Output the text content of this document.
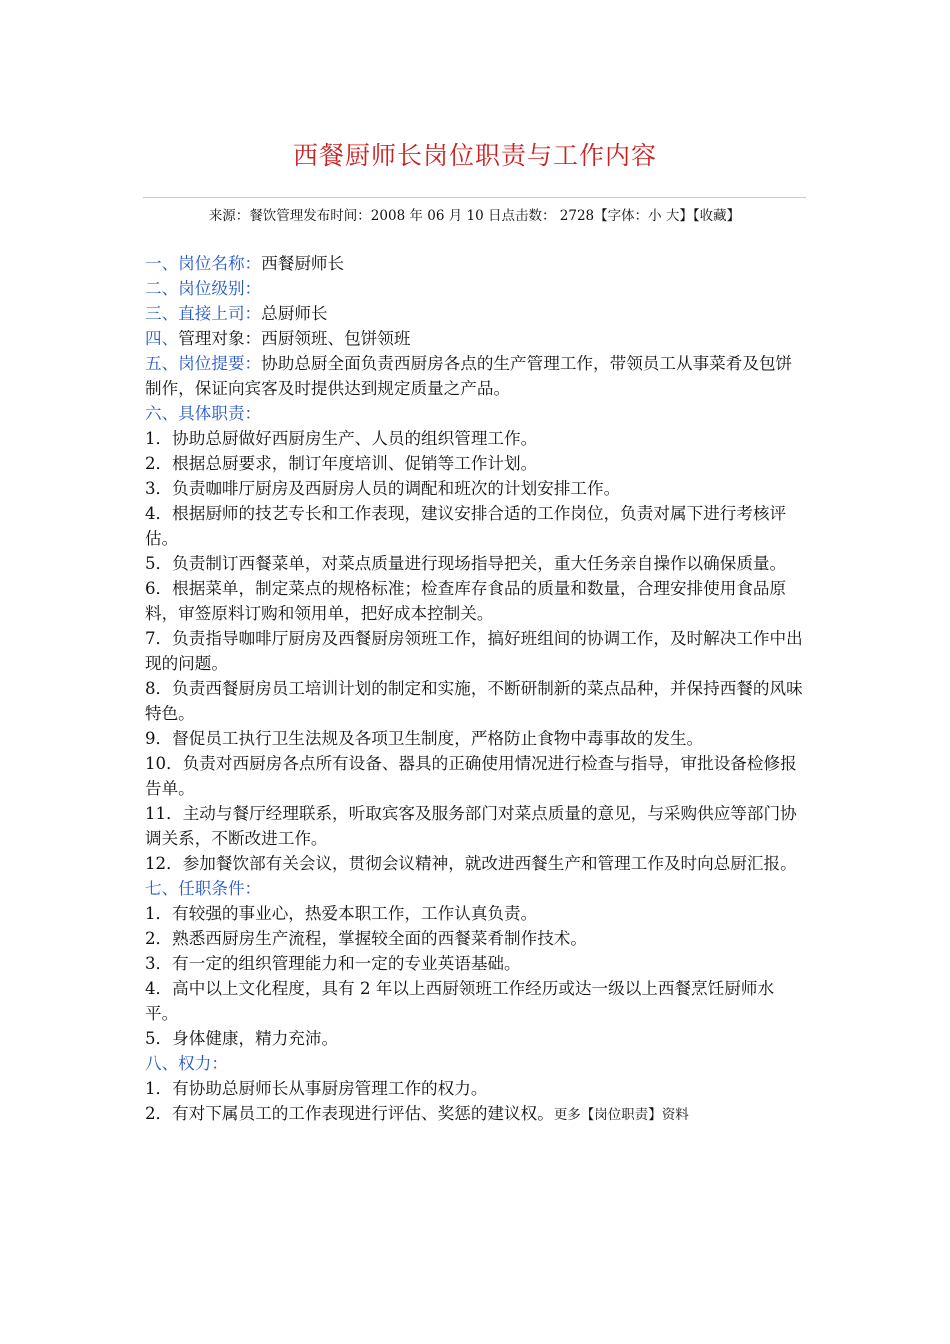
西餐厨师长岗位职责与工作内容
来源：餐饮管理发布时间：2008 年 06 月 10 日点击数： 2728【字体：小 大】【收藏】
一、岗位名称：西餐厨师长
二、岗位级别：
三、直接上司：总厨师长
四、管理对象：西厨领班、包饼领班
五、岗位提要：协助总厨全面负责西厨房各点的生产管理工作，带领员工从事菜肴及包饼制作，保证向宾客及时提供达到规定质量之产品。
六、具体职责：
1．协助总厨做好西厨房生产、人员的组织管理工作。
2．根据总厨要求，制订年度培训、促销等工作计划。
3．负责咖啡厅厨房及西厨房人员的调配和班次的计划安排工作。
4．根据厨师的技艺专长和工作表现，建议安排合适的工作岗位，负责对属下进行考核评估。
5．负责制订西餐菜单，对菜点质量进行现场指导把关，重大任务亲自操作以确保质量。
6．根据菜单，制定菜点的规格标准；检查库存食品的质量和数量，合理安排使用食品原料，审签原料订购和领用单，把好成本控制关。
7．负责指导咖啡厅厨房及西餐厨房领班工作，搞好班组间的协调工作，及时解决工作中出现的问题。
8．负责西餐厨房员工培训计划的制定和实施，不断研制新的菜点品种，并保持西餐的风味特色。
9．督促员工执行卫生法规及各项卫生制度，严格防止食物中毒事故的发生。
10．负责对西厨房各点所有设备、器具的正确使用情况进行检查与指导，审批设备检修报告单。
11．主动与餐厅经理联系，听取宾客及服务部门对菜点质量的意见，与采购供应等部门协调关系，不断改进工作。
12．参加餐饮部有关会议，贯彻会议精神，就改进西餐生产和管理工作及时向总厨汇报。
七、任职条件：
1．有较强的事业心，热爱本职工作，工作认真负责。
2．熟悉西厨房生产流程，掌握较全面的西餐菜肴制作技术。
3．有一定的组织管理能力和一定的专业英语基础。
4．高中以上文化程度，具有 2 年以上西厨领班工作经历或达一级以上西餐烹饪厨师水平。
5．身体健康，精力充沛。
八、权力：
1．有协助总厨师长从事厨房管理工作的权力。
2．有对下属员工的工作表现进行评估、奖惩的建议权。更多【岗位职责】资料
